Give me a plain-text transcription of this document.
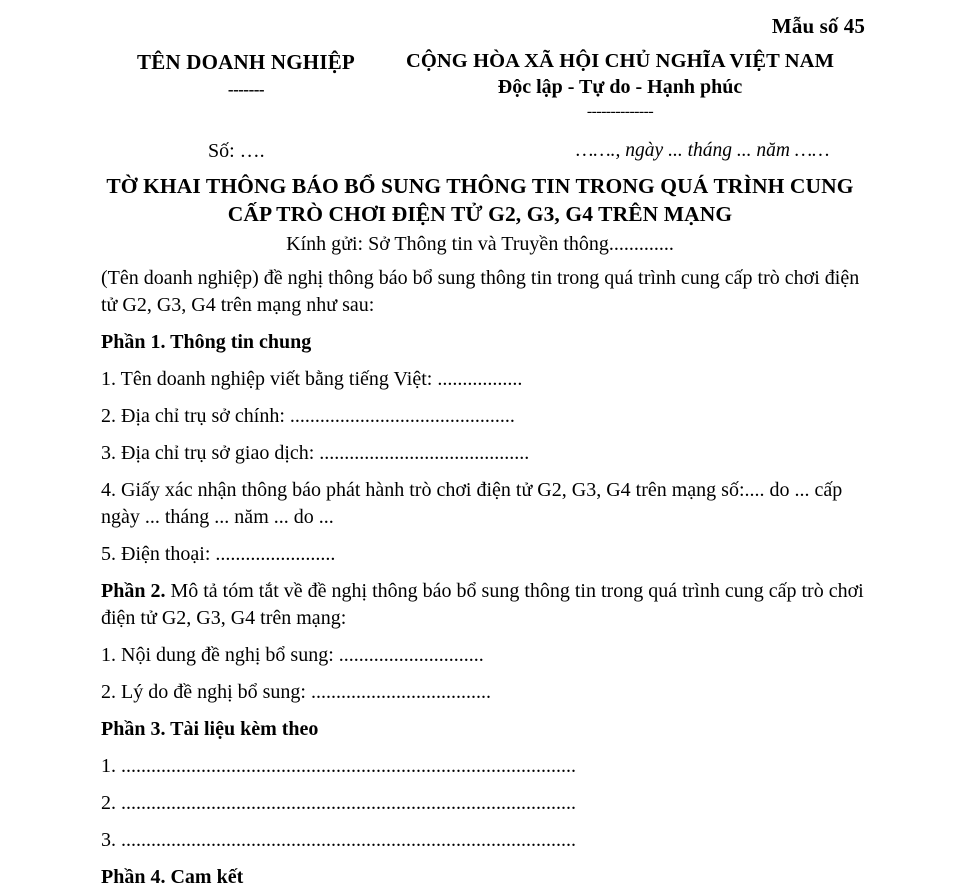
Mẫu số 45
TÊN DOANH NGHIỆP
-------
CỘNG HÒA XÃ HỘI CHỦ NGHĨA VIỆT NAM
Độc lập - Tự do - Hạnh phúc
--------------
Số: ….	……., ngày ... tháng ... năm ……
TỜ KHAI THÔNG BÁO BỔ SUNG THÔNG TIN TRONG QUÁ TRÌNH CUNG CẤP TRÒ CHƠI ĐIỆN TỬ G2, G3, G4 TRÊN MẠNG
Kính gửi: Sở Thông tin và Truyền thông.............

(Tên doanh nghiệp) đề nghị thông báo bổ sung thông tin trong quá trình cung cấp trò chơi điện tử G2, G3, G4 trên mạng như sau:

Phần 1. Thông tin chung

1. Tên doanh nghiệp viết bằng tiếng Việt: .................

2. Địa chỉ trụ sở chính: .............................................

3. Địa chỉ trụ sở giao dịch: ..........................................

4. Giấy xác nhận thông báo phát hành trò chơi điện tử G2, G3, G4 trên mạng số:.... do ... cấp ngày ... tháng ... năm ... do ...

5. Điện thoại: ........................

Phần 2. Mô tả tóm tắt về đề nghị thông báo bổ sung thông tin trong quá trình cung cấp trò chơi điện tử G2, G3, G4 trên mạng:

1. Nội dung đề nghị bổ sung: .............................

2. Lý do đề nghị bổ sung: ....................................

Phần 3. Tài liệu kèm theo

1. ...........................................................................................

2. ...........................................................................................

3. ...........................................................................................

Phần 4. Cam kết
